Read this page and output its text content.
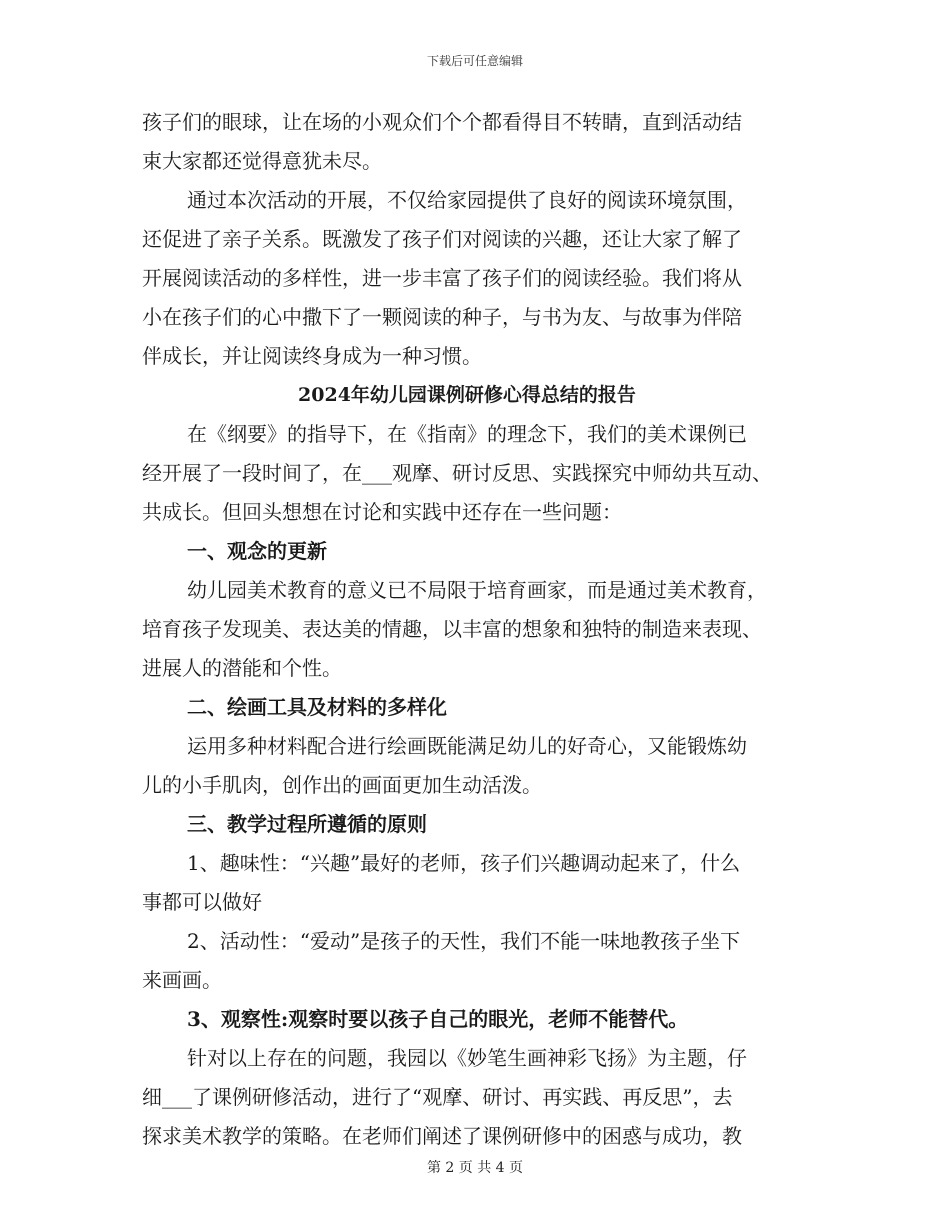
下载后可任意编辑
孩子们的眼球，让在场的小观众们个个都看得目不转睛，直到活动结
束大家都还觉得意犹未尽。
通过本次活动的开展，不仅给家园提供了良好的阅读环境氛围，
还促进了亲子关系。既激发了孩子们对阅读的兴趣，还让大家了解了
开展阅读活动的多样性，进一步丰富了孩子们的阅读经验。我们将从
小在孩子们的心中撒下了一颗阅读的种子，与书为友、与故事为伴陪
伴成长，并让阅读终身成为一种习惯。
2024年幼儿园课例研修心得总结的报告
在《纲要》的指导下，在《指南》的理念下，我们的美术课例已
经开展了一段时间了，在___观摩、研讨反思、实践探究中师幼共互动、
共成长。但回头想想在讨论和实践中还存在一些问题：
一、观念的更新
幼儿园美术教育的意义已不局限于培育画家，而是通过美术教育，
培育孩子发现美、表达美的情趣，以丰富的想象和独特的制造来表现、
进展人的潜能和个性。
二、绘画工具及材料的多样化
运用多种材料配合进行绘画既能满足幼儿的好奇心，又能锻炼幼
儿的小手肌肉，创作出的画面更加生动活泼。
三、教学过程所遵循的原则
1、趣味性：“兴趣”最好的老师，孩子们兴趣调动起来了，什么
事都可以做好
2、活动性：“爱动”是孩子的天性，我们不能一味地教孩子坐下
来画画。
3、观察性:观察时要以孩子自己的眼光，老师不能替代。
针对以上存在的问题，我园以《妙笔生画神彩飞扬》为主题，仔
细___了课例研修活动，进行了“观摩、研讨、再实践、再反思”，去
探求美术教学的策略。在老师们阐述了课例研修中的困惑与成功，教
第 2 页 共 4 页
